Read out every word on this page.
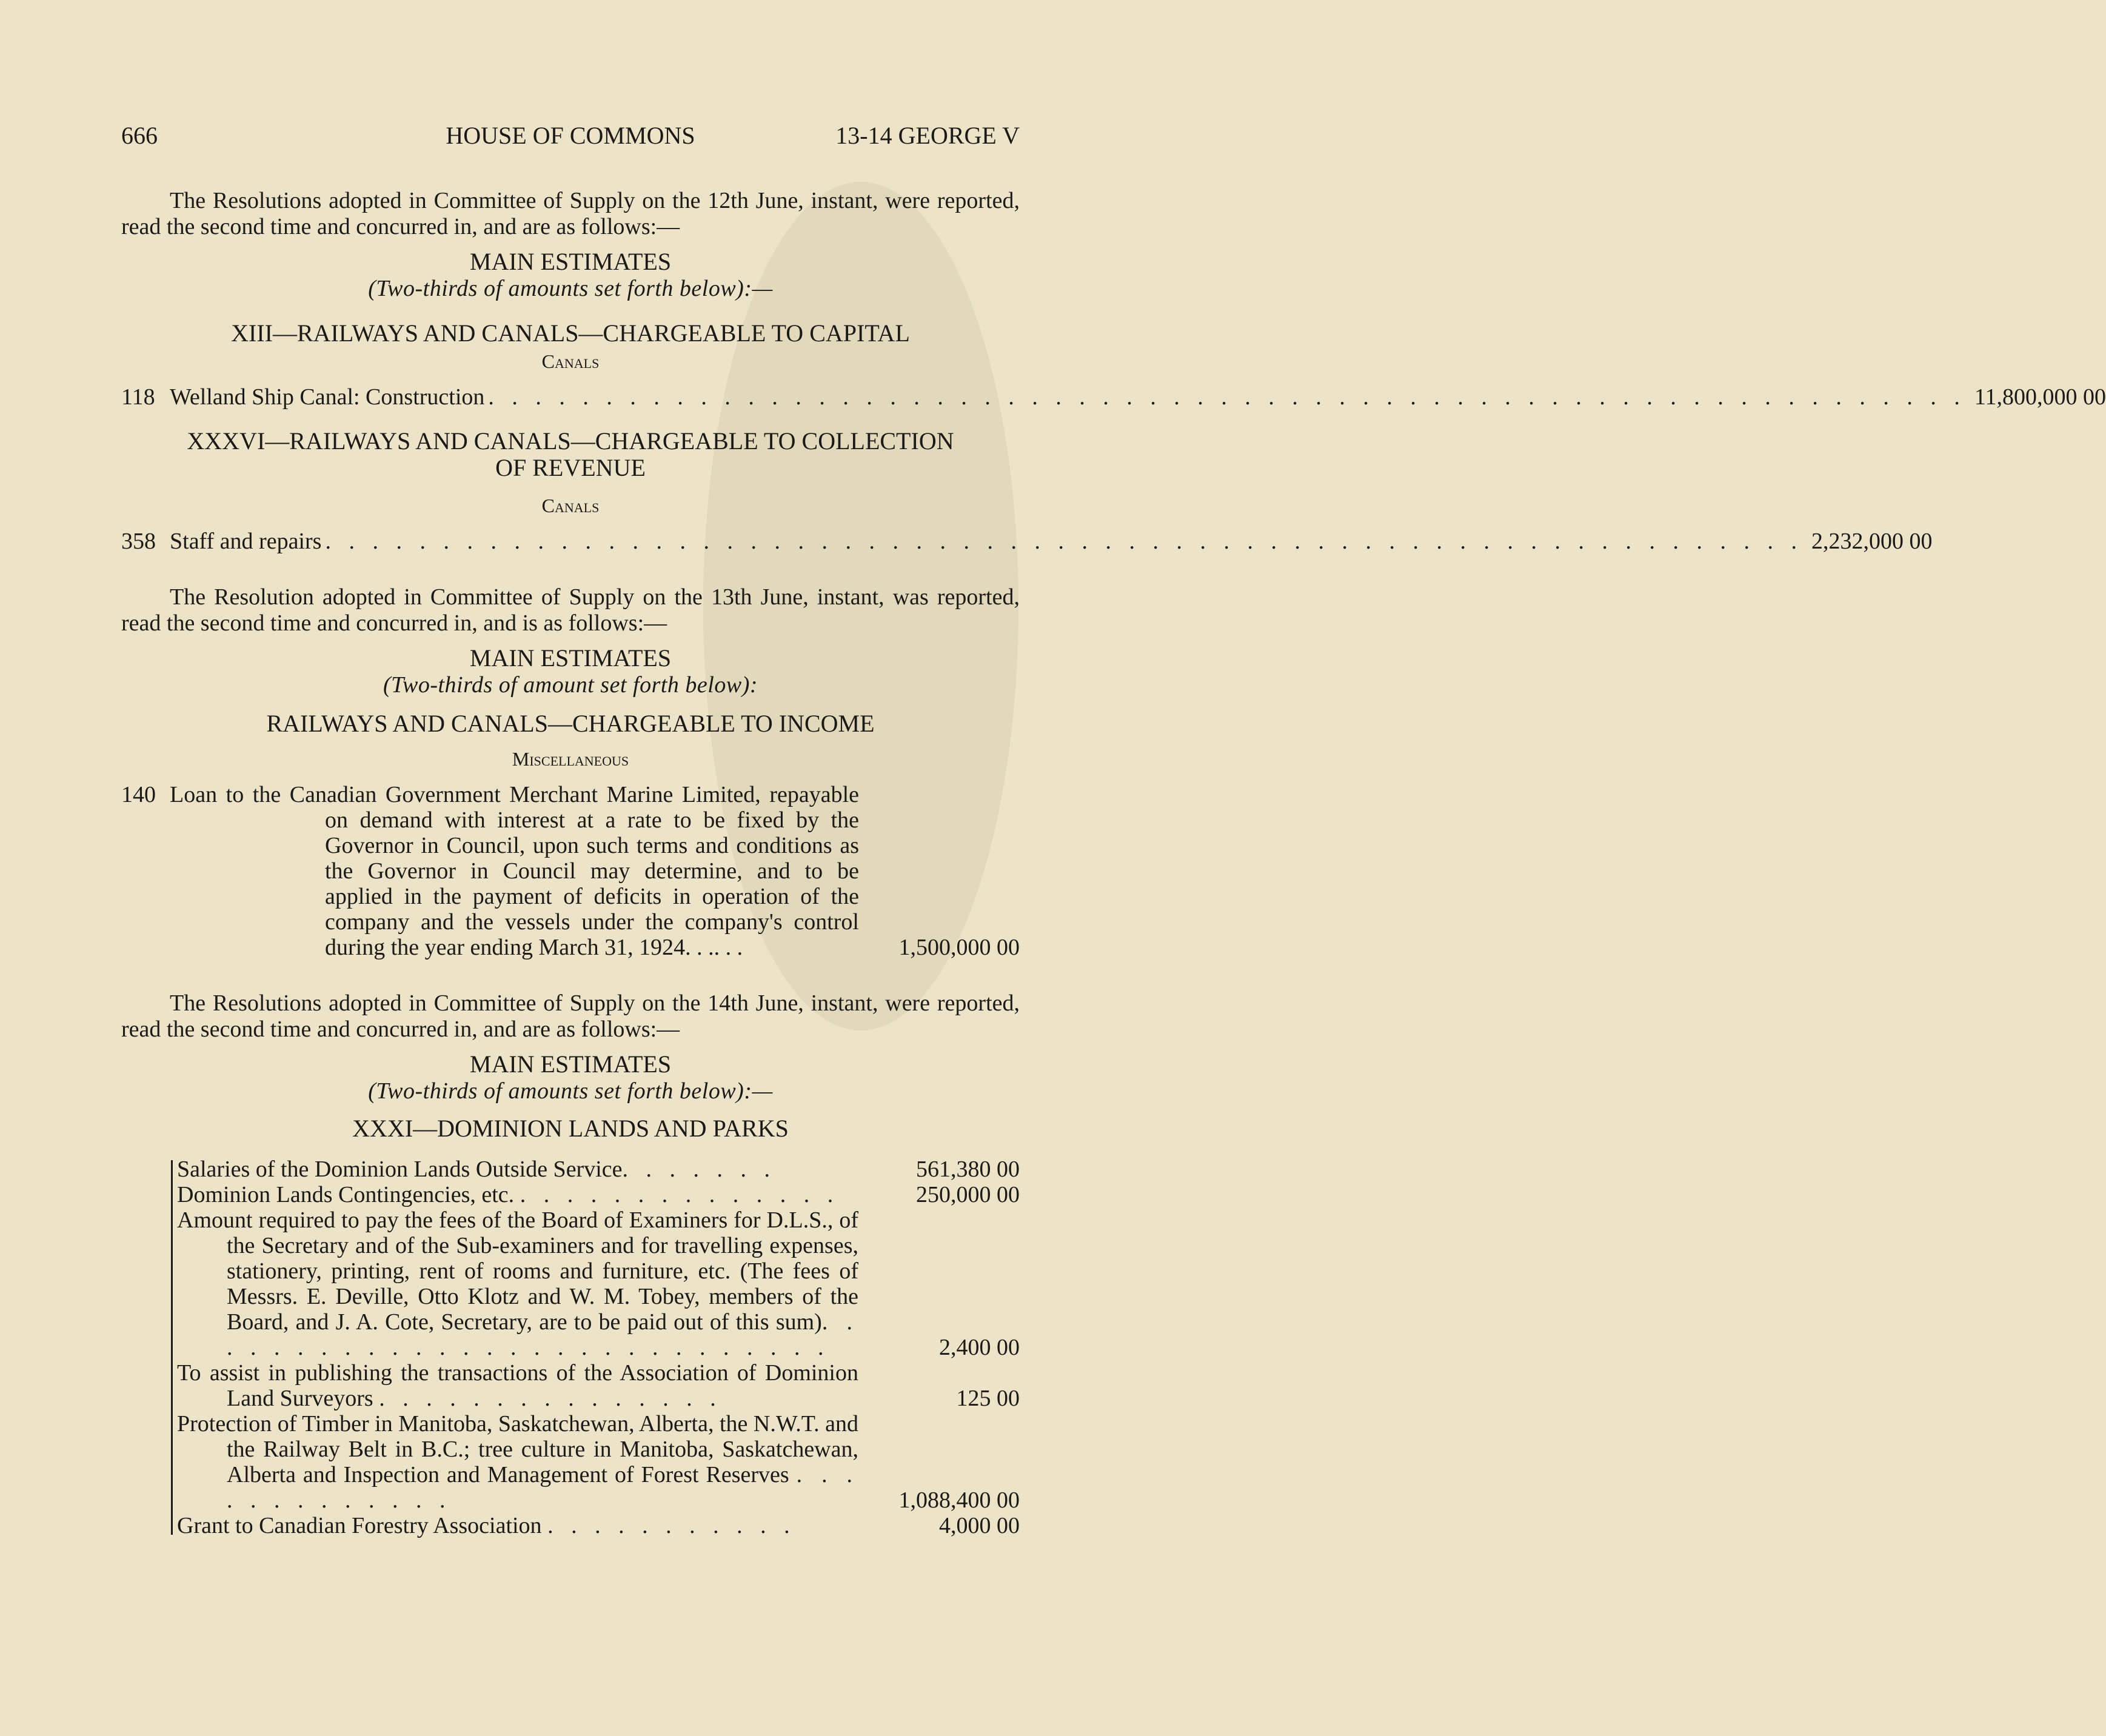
666	HOUSE OF COMMONS	13-14 GEORGE V

The Resolutions adopted in Committee of Supply on the 12th June, instant, were reported, read the second time and concurred in, and are as follows:—

MAIN ESTIMATES
(Two-thirds of amounts set forth below):—
XIII—RAILWAYS AND CANALS—CHARGEABLE TO CAPITAL
Canals
118 Welland Ship Canal: Construction . . . . . . . . . . . . . . . . . . . . . . . . . . . . . . . . . . . . . . . . . . . . . . . . . . . . . . . . . . . . . . . 11,800,000 00
XXXVI—RAILWAYS AND CANALS—CHARGEABLE TO COLLECTION
OF REVENUE
Canals
358 Staff and repairs . . . . . . . . . . . . . . . . . . . . . . . . . . . . . . . . . . . . . . . . . . . . . . . . . . . . . . . . . . . . . . . 2,232,000 00

The Resolution adopted in Committee of Supply on the 13th June, instant, was reported, read the second time and concurred in, and is as follows:—

MAIN ESTIMATES
(Two-thirds of amount set forth below):
RAILWAYS AND CANALS—CHARGEABLE TO INCOME
Miscellaneous
140 Loan to the Canadian Government Merchant Marine Limited, repayable on demand with interest at a rate to be fixed by the Governor in Council, upon such terms and conditions as the Governor in Council may determine, and to be applied in the payment of deficits in operation of the company and the vessels under the company's control during the year ending March 31, 1924. . .. . .	1,500,000 00

The Resolutions adopted in Committee of Supply on the 14th June, instant, were reported, read the second time and concurred in, and are as follows:—

MAIN ESTIMATES
(Two-thirds of amounts set forth below):—
XXXI—DOMINION LANDS AND PARKS
Salaries of the Dominion Lands Outside Service. . . . . . .	561,380 00
Dominion Lands Contingencies, etc. . . . . . . . . . . . . . .	250,000 00
Amount required to pay the fees of the Board of Examiners for D.L.S., of the Secretary and of the Sub-examiners and for travelling expenses, stationery, printing, rent of rooms and furniture, etc. (The fees of Messrs. E. Deville, Otto Klotz and W. M. Tobey, members of the Board, and J. A. Cote, Secretary, are to be paid out of this sum). . . . . . . . . . . . . . . . . . . . . . . . . . . .	2,400 00
To assist in publishing the transactions of the Association of Dominion Land Surveyors . . . . . . . . . . . . . . .	125 00
Protection of Timber in Manitoba, Saskatchewan, Alberta, the N.W.T. and the Railway Belt in B.C.; tree culture in Manitoba, Saskatchewan, Alberta and Inspection and Management of Forest Reserves . . . . . . . . . . . . .	1,088,400 00
Grant to Canadian Forestry Association . . . . . . . . . . .	4,000 00
